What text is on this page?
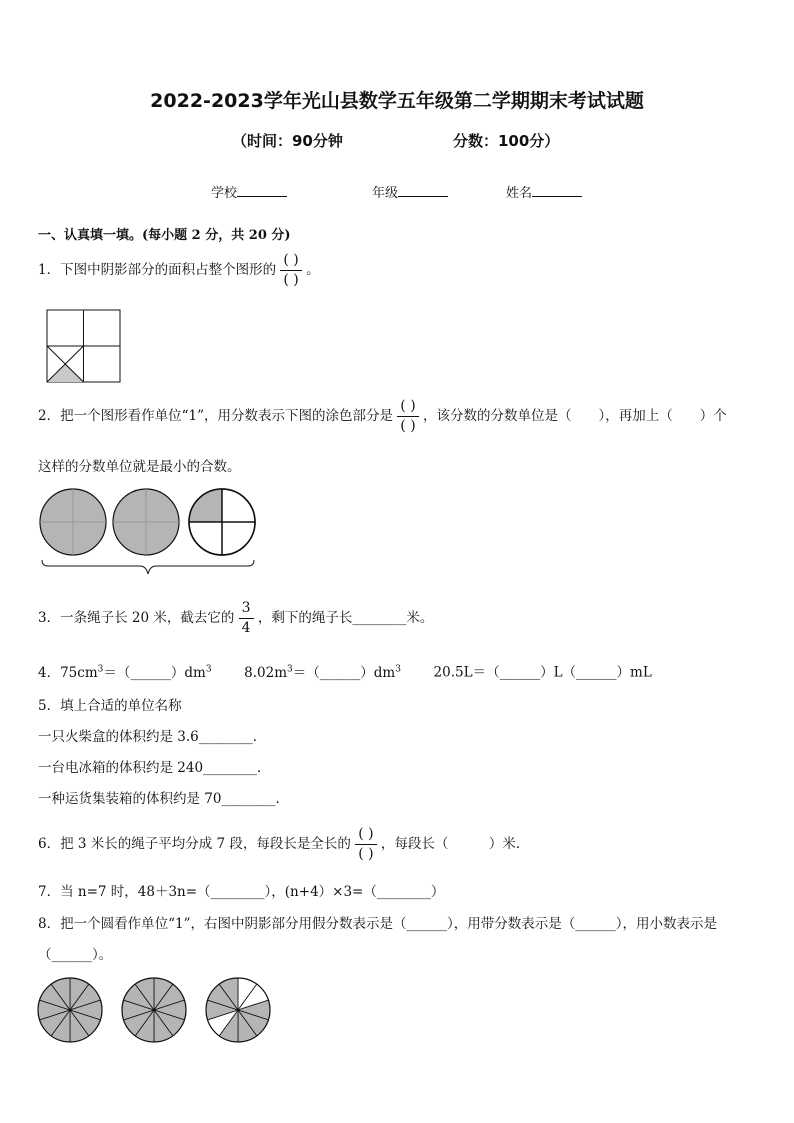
2022-2023学年光山县数学五年级第二学期期末考试试题
（时间：90分钟	分数：100分）
学校	年级	姓名
一、认真填一填。(每小题 2 分，共 20 分)
1．下图中阴影部分的面积占整个图形的 $\frac{( )}{( )}$ 。
2．把一个图形看作单位“1”，用分数表示下图的涂色部分是 $\frac{( )}{( )}$ ，该分数的分数单位是（　　），再加上（　　）个
这样的分数单位就是最小的合数。
3．一条绳子长 20 米，截去它的 $\frac{3}{4}$ ，剩下的绳子长________米。
4．$75cm^3=(\_\_\_\_\_\_)dm^3$ $8.02m^3=(\_\_\_\_\_\_)dm^3$ 20.5L＝（______）L（______）mL
5．填上合适的单位名称
一只火柴盒的体积约是 3.6________．
一台电冰箱的体积约是 240________．
一种运货集装箱的体积约是 70________．
6．把 3 米长的绳子平均分成 7 段，每段长是全长的 $\frac{( )}{( )}$ ，每段长（　　　）米．
7．当 n=7 时，48＋3n=（________），(n+4）×3=（________）
8．把一个圆看作单位“1”，右图中阴影部分用假分数表示是（______），用带分数表示是（______），用小数表示是
（______）。
